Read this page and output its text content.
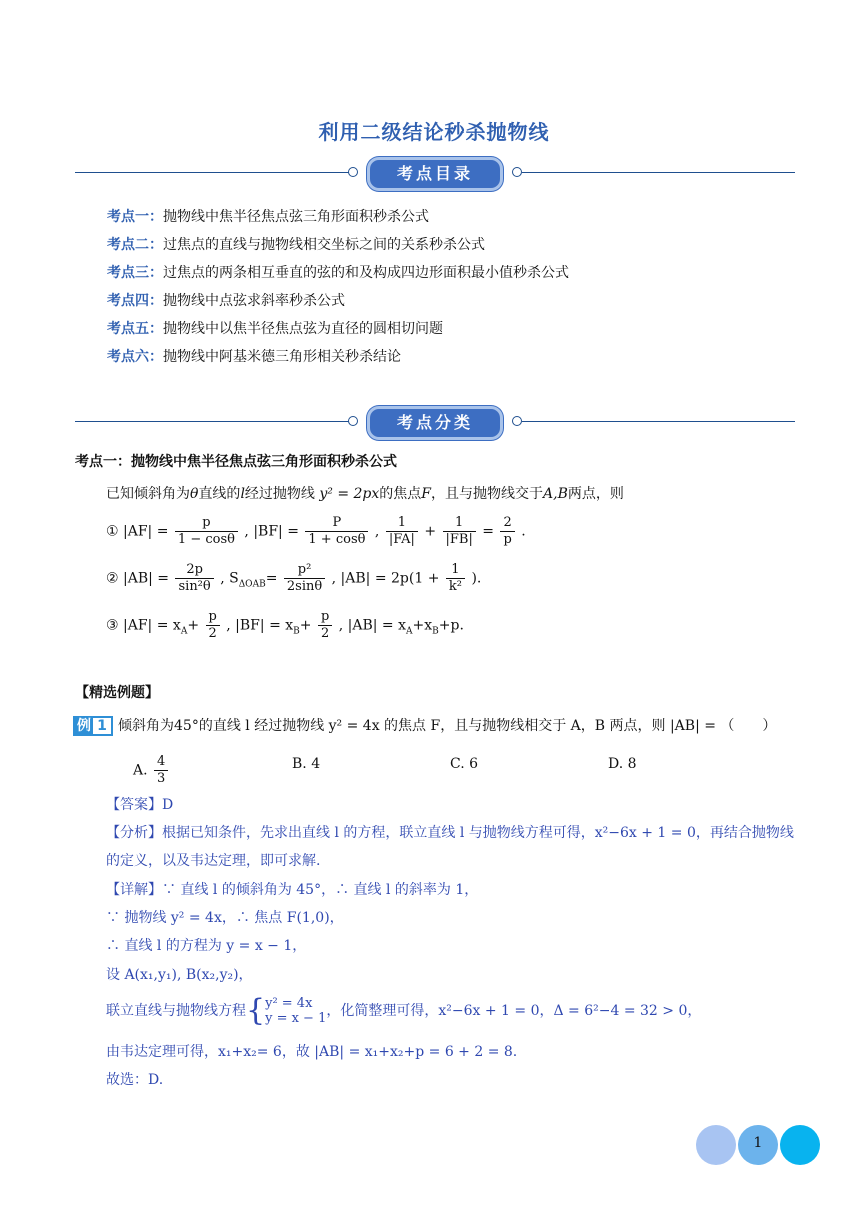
利用二级结论秒杀抛物线
考点目录
考点一：抛物线中焦半径焦点弦三角形面积秒杀公式
考点二：过焦点的直线与抛物线相交坐标之间的关系秒杀公式
考点三：过焦点的两条相互垂直的弦的和及构成四边形面积最小值秒杀公式
考点四：抛物线中点弦求斜率秒杀公式
考点五：抛物线中以焦半径焦点弦为直径的圆相切问题
考点六：抛物线中阿基米德三角形相关秒杀结论
考点分类
考点一：抛物线中焦半径焦点弦三角形面积秒杀公式
已知倾斜角为θ直线的l经过抛物线 y² = 2px的焦点F，且与抛物线交于A,B两点，则
① $|AF| = \frac{p}{1 - \cos\theta}$ , $|BF| = \frac{P}{1 + \cos\theta}$ , $\frac{1}{|FA|} + \frac{1}{|FB|} = \frac{2}{p}$ .
② $|AB| = \frac{2p}{\text{sin²θ}}$ , $S_{\Delta OAB}= \frac{\text{p²}}{2\sin\theta}$ , $|AB| = 2p(1 + \frac{1}{\text{k²}}$ ).
③ $|AF| = x_A+ \frac{p}{2}$ , $|BF| = x_B+ \frac{p}{2}$ , $|AB| = x_A+x_B+p$.
【精选例题】
例 1 倾斜角为45°的直线 l 经过抛物线 y² = 4x 的焦点 F，且与抛物线相交于 A，B 两点，则 |AB| = （　　）
A. $\frac{4}{3}$	B. 4	C. 6	D. 8
【答案】D
【分析】根据已知条件，先求出直线 l 的方程，联立直线 l 与抛物线方程可得，x²−6x + 1 = 0，再结合抛物线
的定义，以及韦达定理，即可求解.
【详解】∵ 直线 l 的倾斜角为 45°，∴ 直线 l 的斜率为 1，
∵ 抛物线 y² = 4x，∴ 焦点 F(1,0)，
∴ 直线 l 的方程为 y = x − 1，
设 A(x₁,y₁), B(x₂,y₂)，
联立直线与抛物线方程{ y² = 4x
y = x − 1 ，化简整理可得，x²−6x + 1 = 0，Δ = 6²−4 = 32 > 0，
由韦达定理可得，x₁+x₂= 6，故 |AB| = x₁+x₂+p = 6 + 2 = 8.
故选：D.
1
